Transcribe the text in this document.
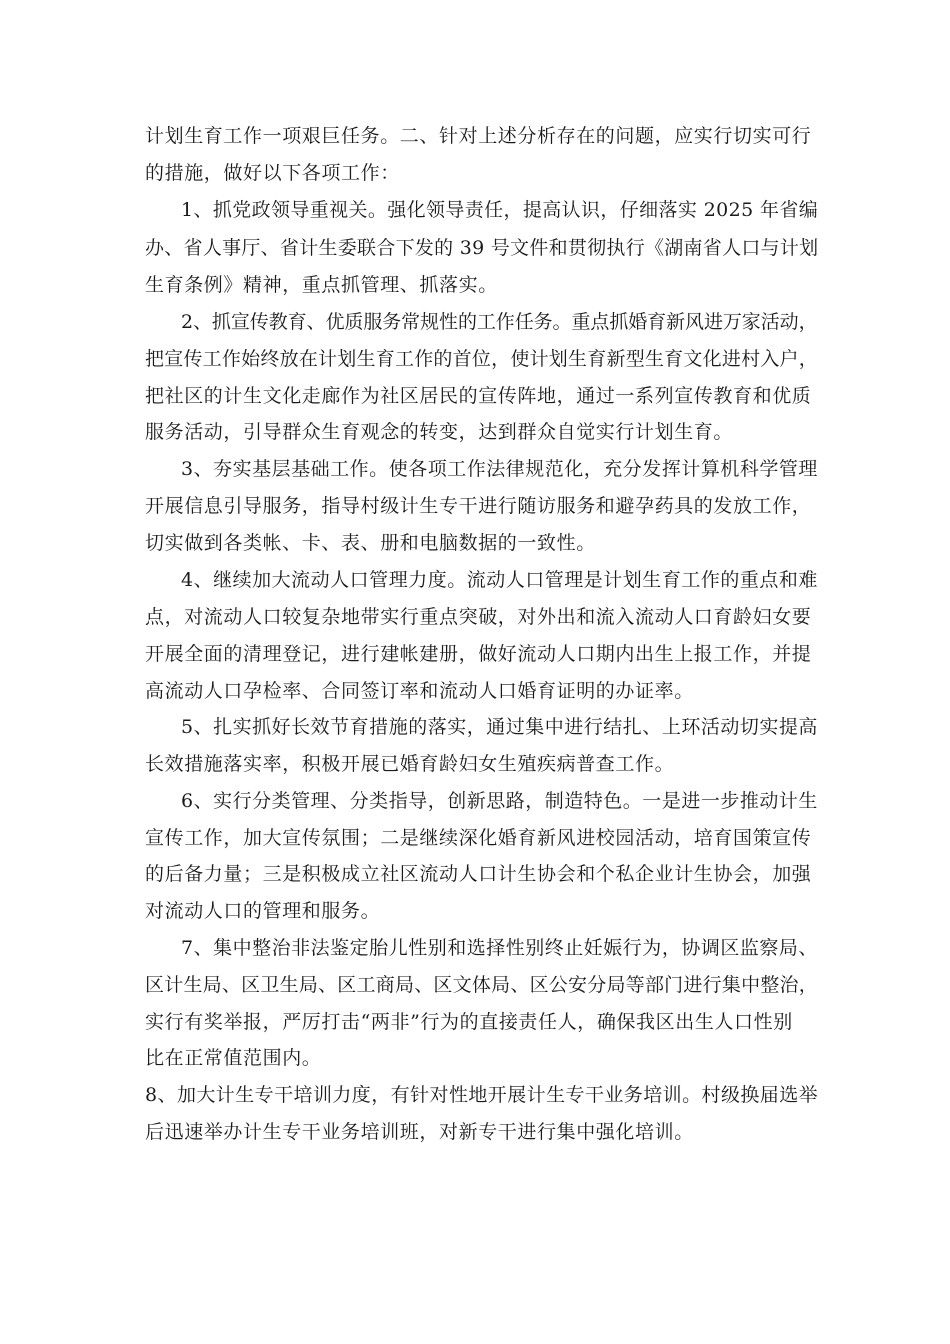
计划生育工作一项艰巨任务。二、针对上述分析存在的问题，应实行切实可行
的措施，做好以下各项工作：
1、抓党政领导重视关。强化领导责任，提高认识，仔细落实 2025 年省编
办、省人事厅、省计生委联合下发的 39 号文件和贯彻执行《湖南省人口与计划
生育条例》精神，重点抓管理、抓落实。
2、抓宣传教育、优质服务常规性的工作任务。重点抓婚育新风进万家活动，
把宣传工作始终放在计划生育工作的首位，使计划生育新型生育文化进村入户，
把社区的计生文化走廊作为社区居民的宣传阵地，通过一系列宣传教育和优质
服务活动，引导群众生育观念的转变，达到群众自觉实行计划生育。
3、夯实基层基础工作。使各项工作法律规范化，充分发挥计算机科学管理
开展信息引导服务，指导村级计生专干进行随访服务和避孕药具的发放工作，
切实做到各类帐、卡、表、册和电脑数据的一致性。
4、继续加大流动人口管理力度。流动人口管理是计划生育工作的重点和难
点，对流动人口较复杂地带实行重点突破，对外出和流入流动人口育龄妇女要
开展全面的清理登记，进行建帐建册，做好流动人口期内出生上报工作，并提
高流动人口孕检率、合同签订率和流动人口婚育证明的办证率。
5、扎实抓好长效节育措施的落实，通过集中进行结扎、上环活动切实提高
长效措施落实率，积极开展已婚育龄妇女生殖疾病普查工作。
6、实行分类管理、分类指导，创新思路，制造特色。一是进一步推动计生
宣传工作，加大宣传氛围；二是继续深化婚育新风进校园活动，培育国策宣传
的后备力量；三是积极成立社区流动人口计生协会和个私企业计生协会，加强
对流动人口的管理和服务。
7、集中整治非法鉴定胎儿性别和选择性别终止妊娠行为，协调区监察局、
区计生局、区卫生局、区工商局、区文体局、区公安分局等部门进行集中整治，
实行有奖举报，严厉打击“两非”行为的直接责任人，确保我区出生人口性别
比在正常值范围内。
8、加大计生专干培训力度，有针对性地开展计生专干业务培训。村级换届选举
后迅速举办计生专干业务培训班，对新专干进行集中强化培训。
